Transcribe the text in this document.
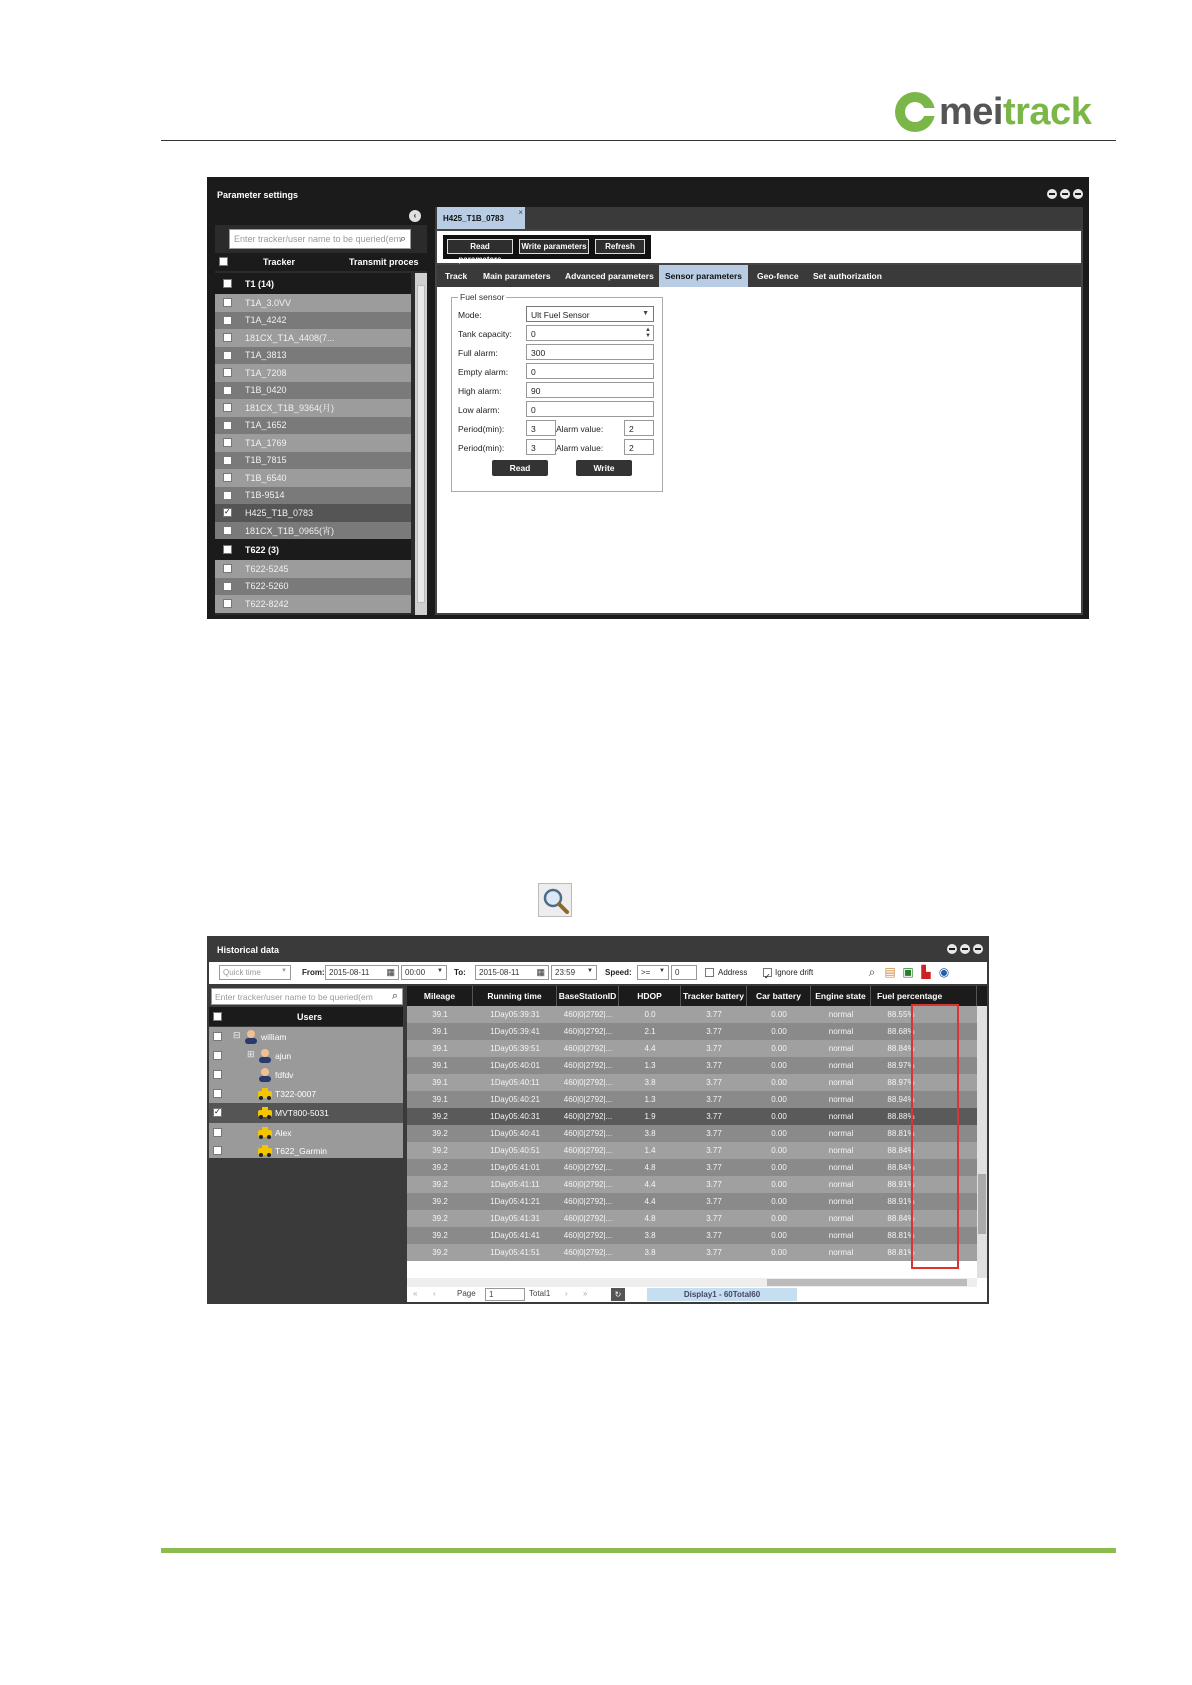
meitrack
Parameter settings
‹
Enter tracker/user name to be queried(em
⌕
Tracker	Transmit proces
T1 (14)
T1A_3.0VV
T1A_4242
181CX_T1A_4408(7...
T1A_3813
T1A_7208
T1B_0420
181CX_T1B_9364(月)
T1A_1652
T1A_1769
T1B_7815
T1B_6540
T1B-9514
✓
H425_T1B_0783
181CX_T1B_0965(宵)
T622 (3)
T622-5245
T622-5260
T622-8242
H425_T1B_0783
×
Read parameters
Write parameters	Refresh
Track	Main parameters	Advanced parameters	Sensor parameters	Geo-fence	Set authorization
Fuel sensor
Mode:	Ult Fuel Sensor	▼
Tank capacity:	0	▲
▼
Full alarm:	300
Empty alarm:	0
High alarm:	90
Low alarm:	0
Period(min):	3	Alarm value:	2
Period(min):	3	Alarm value:	2
Read	Write
Historical data
Quick time	▼ From: 2015-08-11 ▦	00:00 ▼ To:	2015-08-11 ▦	23:59 ▼ Speed:	>= ▼	0	Address ✓	Ignore drift	⌕ ▤ ▣ ▙ ◉
Enter tracker/user name to be queried(em ⌕
Users
⊟ william
⊞ ajun
fdfdv
T322-0007
✓
MVT800-5031
Alex
T622_Garmin
Mileage	Running time	BaseStationID	HDOP	Tracker battery	Car battery	Engine state	Fuel percentage
39.1	1Day05:39:31	460|0|2792|...	0.0	3.77	0.00	normal	88.55%
39.1	1Day05:39:41	460|0|2792|...	2.1	3.77	0.00	normal	88.68%
39.1	1Day05:39:51	460|0|2792|...	4.4	3.77	0.00	normal	88.84%
39.1	1Day05:40:01	460|0|2792|...	1.3	3.77	0.00	normal	88.97%
39.1	1Day05:40:11	460|0|2792|...	3.8	3.77	0.00	normal	88.97%
39.1	1Day05:40:21	460|0|2792|...	1.3	3.77	0.00	normal	88.94%
39.2	1Day05:40:31	460|0|2792|...	1.9	3.77	0.00	normal	88.88%
39.2	1Day05:40:41	460|0|2792|...	3.8	3.77	0.00	normal	88.81%
39.2	1Day05:40:51	460|0|2792|...	1.4	3.77	0.00	normal	88.84%
39.2	1Day05:41:01	460|0|2792|...	4.8	3.77	0.00	normal	88.84%
39.2	1Day05:41:11	460|0|2792|...	4.4	3.77	0.00	normal	88.91%
39.2	1Day05:41:21	460|0|2792|...	4.4	3.77	0.00	normal	88.91%
39.2	1Day05:41:31	460|0|2792|...	4.8	3.77	0.00	normal	88.84%
39.2	1Day05:41:41	460|0|2792|...	3.8	3.77	0.00	normal	88.81%
39.2	1Day05:41:51	460|0|2792|...	3.8	3.77	0.00	normal	88.81%
« ‹	Page	1	Total1 › »	↻	Display1 - 60Total60
